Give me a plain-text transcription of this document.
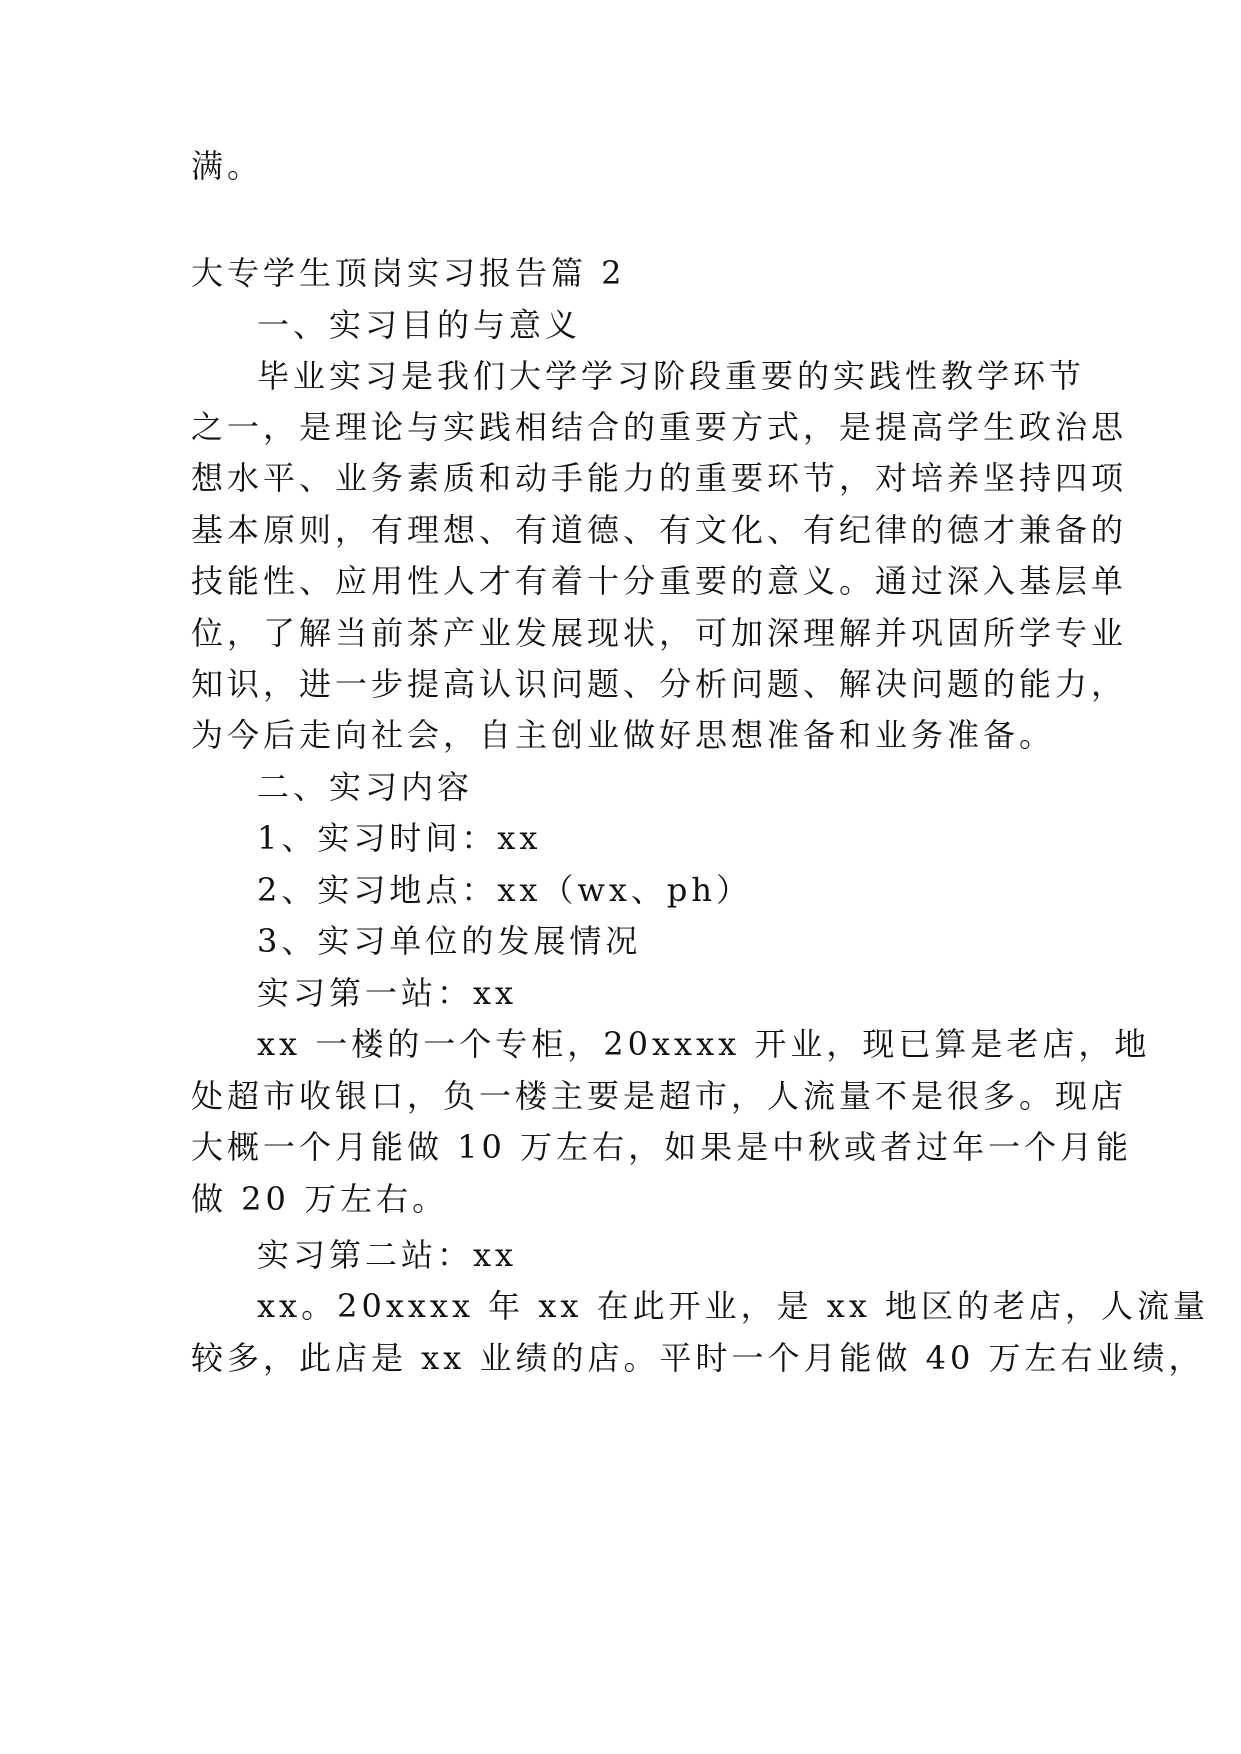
满。
大专学生顶岗实习报告篇 2
一、实习目的与意义
毕业实习是我们大学学习阶段重要的实践性教学环节
之一，是理论与实践相结合的重要方式，是提高学生政治思
想水平、业务素质和动手能力的重要环节，对培养坚持四项
基本原则，有理想、有道德、有文化、有纪律的德才兼备的
技能性、应用性人才有着十分重要的意义。通过深入基层单
位，了解当前茶产业发展现状，可加深理解并巩固所学专业
知识，进一步提高认识问题、分析问题、解决问题的能力，
为今后走向社会，自主创业做好思想准备和业务准备。
二、实习内容
1、实习时间：xx
2、实习地点：xx（wx、ph）
3、实习单位的发展情况
实习第一站：xx
xx 一楼的一个专柜，20xxxx 开业，现已算是老店，地
处超市收银口，负一楼主要是超市，人流量不是很多。现店
大概一个月能做 10 万左右，如果是中秋或者过年一个月能
做 20 万左右。
实习第二站：xx
xx。20xxxx 年 xx 在此开业，是 xx 地区的老店，人流量
较多，此店是 xx 业绩的店。平时一个月能做 40 万左右业绩，
